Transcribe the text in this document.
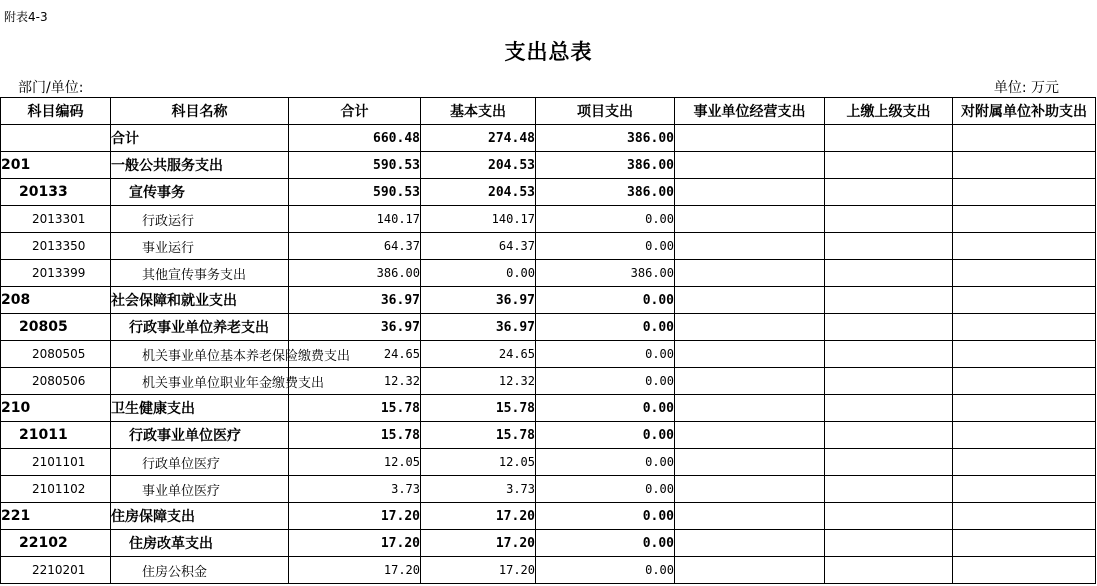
附表4-3
支出总表
部门/单位:	单位: 万元
科目编码	科目名称	合计	基本支出	项目支出	事业单位经营支出	上缴上级支出	对附属单位补助支出
	合计	660.48	274.48	386.00			
201	一般公共服务支出	590.53	204.53	386.00			
20133	宣传事务	590.53	204.53	386.00			
2013301	行政运行	140.17	140.17	0.00			
2013350	事业运行	64.37	64.37	0.00			
2013399	其他宣传事务支出	386.00	0.00	386.00			
208	社会保障和就业支出	36.97	36.97	0.00			
20805	行政事业单位养老支出	36.97	36.97	0.00			
2080505	机关事业单位基本养老保险缴费支出	24.65	24.65	0.00			
2080506	机关事业单位职业年金缴费支出	12.32	12.32	0.00			
210	卫生健康支出	15.78	15.78	0.00			
21011	行政事业单位医疗	15.78	15.78	0.00			
2101101	行政单位医疗	12.05	12.05	0.00			
2101102	事业单位医疗	3.73	3.73	0.00			
221	住房保障支出	17.20	17.20	0.00			
22102	住房改革支出	17.20	17.20	0.00			
2210201	住房公积金	17.20	17.20	0.00			
